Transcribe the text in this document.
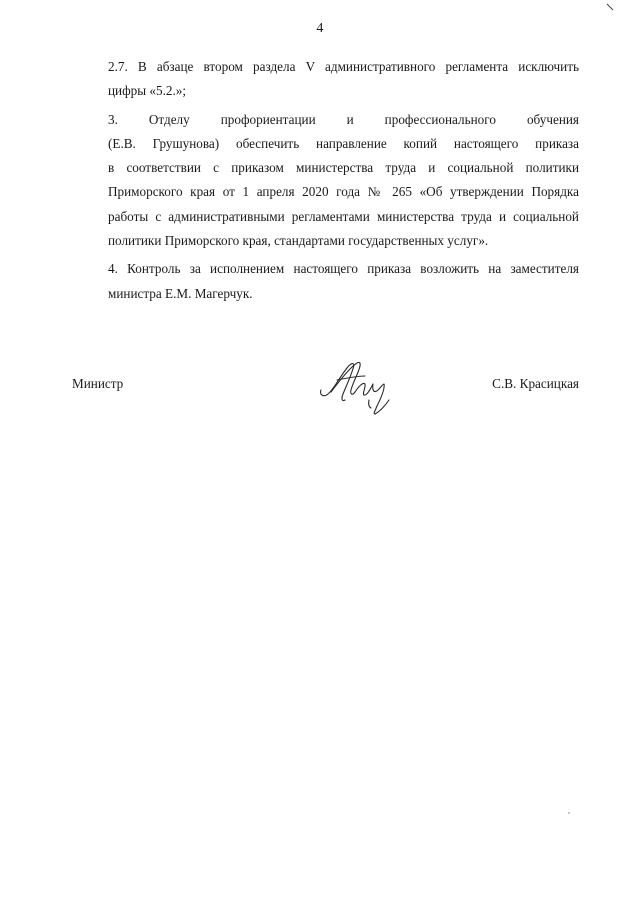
4
2.7. В абзаце втором раздела V административного регламента исключить
цифры «5.2.»;
3. Отделу профориентации и профессионального обучения
(Е.В. Грушунова) обеспечить направление копий настоящего приказа
в соответствии с приказом министерства труда и социальной политики
Приморского края от 1 апреля 2020 года № 265 «Об утверждении Порядка
работы с административными регламентами министерства труда и социальной
политики Приморского края, стандартами государственных услуг».
4. Контроль за исполнением настоящего приказа возложить на заместителя
министра Е.М. Магерчук.
Министр	С.В. Красицкая
